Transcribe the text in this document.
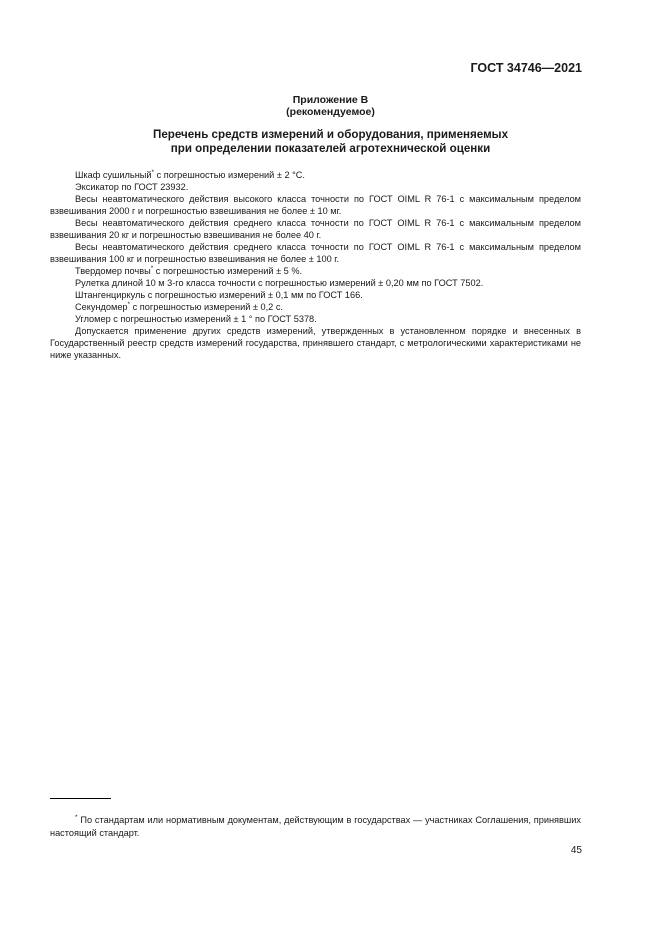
ГОСТ 34746—2021
Приложение В
(рекомендуемое)
Перечень средств измерений и оборудования, применяемых
при определении показателей агротехнической оценки

Шкаф сушильный* с погрешностью измерений ± 2 °С.

Эксикатор по ГОСТ 23932.

Весы неавтоматического действия высокого класса точности по ГОСТ OIML R 76-1 с максимальным пределом взвешивания 2000 г и погрешностью взвешивания не более ± 10 мг.

Весы неавтоматического действия среднего класса точности по ГОСТ OIML R 76-1 с максимальным пределом взвешивания 20 кг и погрешностью взвешивания не более 40 г.

Весы неавтоматического действия среднего класса точности по ГОСТ OIML R 76-1 с максимальным пределом взвешивания 100 кг и погрешностью взвешивания не более ± 100 г.

Твердомер почвы* с погрешностью измерений ± 5 %.

Рулетка длиной 10 м 3-го класса точности с погрешностью измерений ± 0,20 мм по ГОСТ 7502.

Штангенциркуль с погрешностью измерений ± 0,1 мм по ГОСТ 166.

Секундомер* с погрешностью измерений ± 0,2 с.

Угломер с погрешностью измерений ± 1 ° по ГОСТ 5378.

Допускается применение других средств измерений, утвержденных в установленном порядке и внесенных в Государственный реестр средств измерений государства, принявшего стандарт, с метрологическими характеристиками не ниже указанных.

* По стандартам или нормативным документам, действующим в государствах — участниках Соглашения, принявших настоящий стандарт.
45
